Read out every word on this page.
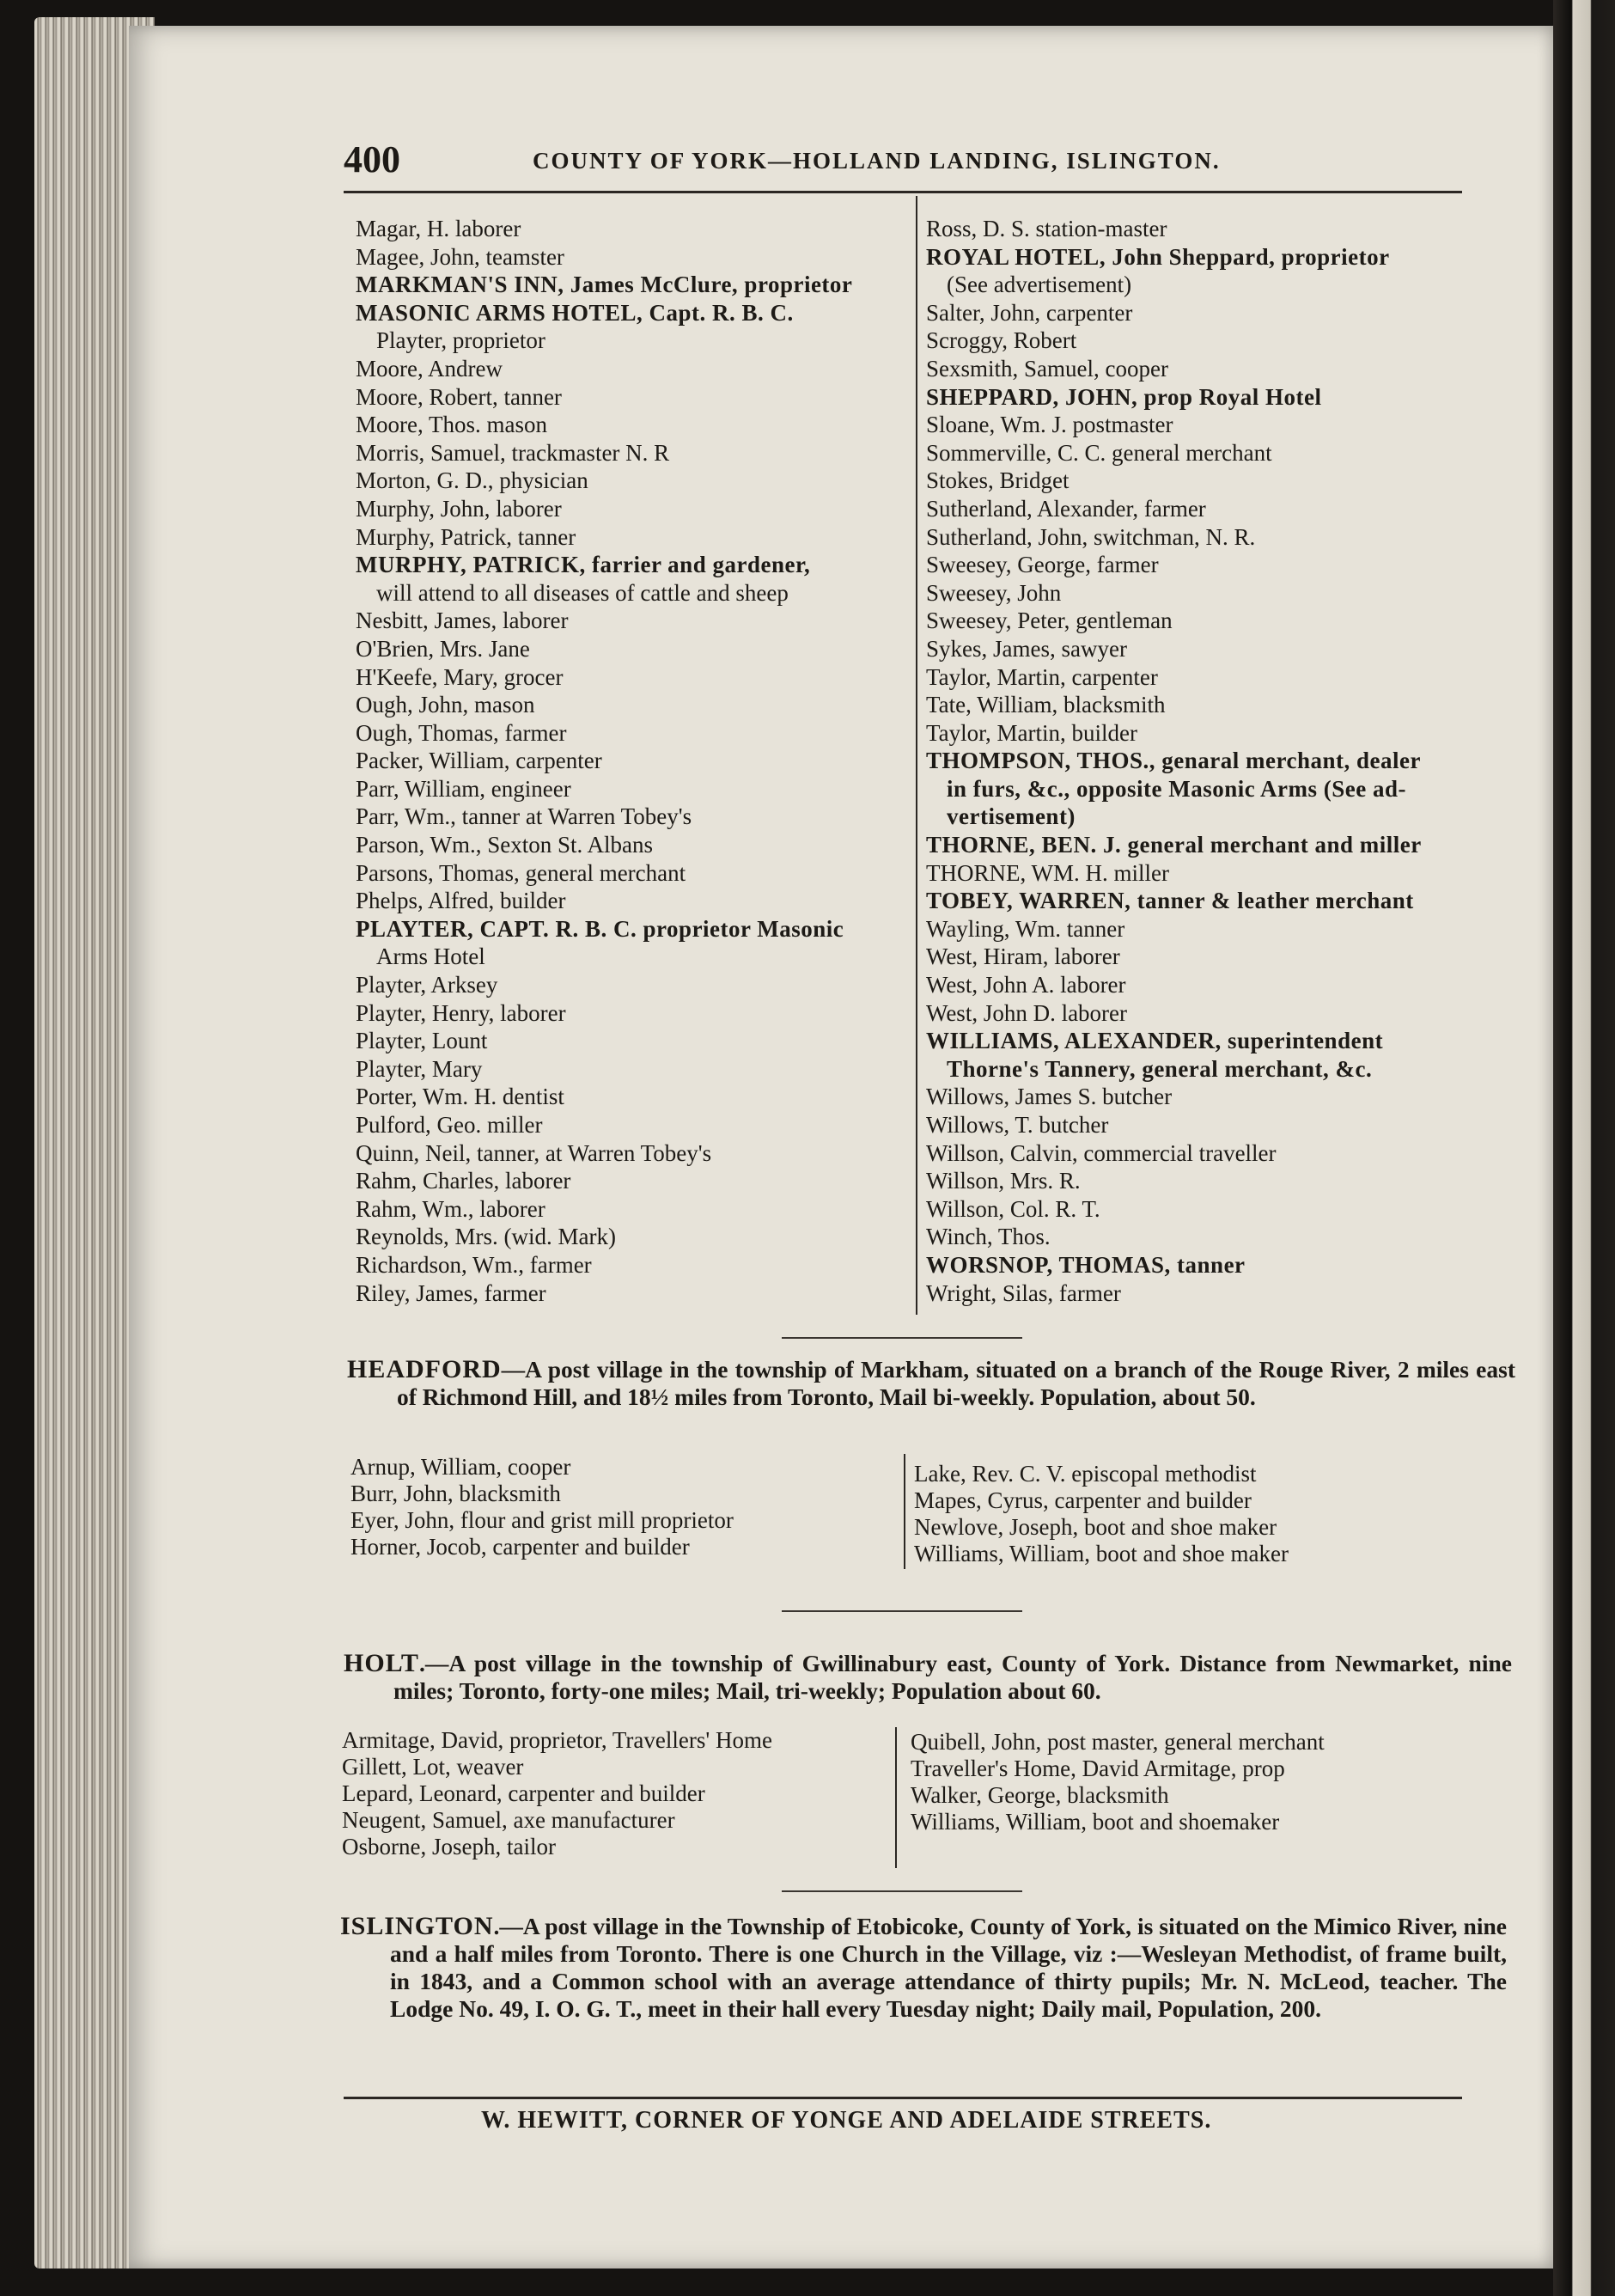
400	COUNTY OF YORK—HOLLAND LANDING, ISLINGTON.
Magar, H. laborer
Magee, John, teamster
MARKMAN'S INN, James McClure, proprietor
MASONIC ARMS HOTEL, Capt. R. B. C.
Playter, proprietor
Moore, Andrew
Moore, Robert, tanner
Moore, Thos. mason
Morris, Samuel, trackmaster N. R
Morton, G. D., physician
Murphy, John, laborer
Murphy, Patrick, tanner
MURPHY, PATRICK, farrier and gardener,
will attend to all diseases of cattle and sheep
Nesbitt, James, laborer
O'Brien, Mrs. Jane
H'Keefe, Mary, grocer
Ough, John, mason
Ough, Thomas, farmer
Packer, William, carpenter
Parr, William, engineer
Parr, Wm., tanner at Warren Tobey's
Parson, Wm., Sexton St. Albans
Parsons, Thomas, general merchant
Phelps, Alfred, builder
PLAYTER, CAPT. R. B. C. proprietor Masonic
Arms Hotel
Playter, Arksey
Playter, Henry, laborer
Playter, Lount
Playter, Mary
Porter, Wm. H. dentist
Pulford, Geo. miller
Quinn, Neil, tanner, at Warren Tobey's
Rahm, Charles, laborer
Rahm, Wm., laborer
Reynolds, Mrs. (wid. Mark)
Richardson, Wm., farmer
Riley, James, farmer
Ross, D. S. station-master
ROYAL HOTEL, John Sheppard, proprietor
(See advertisement)
Salter, John, carpenter
Scroggy, Robert
Sexsmith, Samuel, cooper
SHEPPARD, JOHN, prop Royal Hotel
Sloane, Wm. J. postmaster
Sommerville, C. C. general merchant
Stokes, Bridget
Sutherland, Alexander, farmer
Sutherland, John, switchman, N. R.
Sweesey, George, farmer
Sweesey, John
Sweesey, Peter, gentleman
Sykes, James, sawyer
Taylor, Martin, carpenter
Tate, William, blacksmith
Taylor, Martin, builder
THOMPSON, THOS., genaral merchant, dealer
in furs, &c., opposite Masonic Arms (See ad-
vertisement)
THORNE, BEN. J. general merchant and miller
THORNE, WM. H. miller
TOBEY, WARREN, tanner & leather merchant
Wayling, Wm. tanner
West, Hiram, laborer
West, John A. laborer
West, John D. laborer
WILLIAMS, ALEXANDER, superintendent
Thorne's Tannery, general merchant, &c.
Willows, James S. butcher
Willows, T. butcher
Willson, Calvin, commercial traveller
Willson, Mrs. R.
Willson, Col. R. T.
Winch, Thos.
WORSNOP, THOMAS, tanner
Wright, Silas, farmer
HEADFORD—A post village in the township of Markham, situated on a branch of the Rouge River, 2 miles east of Richmond Hill, and 18½ miles from Toronto, Mail bi-weekly. Population, about 50.
Arnup, William, cooper
Burr, John, blacksmith
Eyer, John, flour and grist mill proprietor
Horner, Jocob, carpenter and builder
Lake, Rev. C. V. episcopal methodist
Mapes, Cyrus, carpenter and builder
Newlove, Joseph, boot and shoe maker
Williams, William, boot and shoe maker
HOLT.—A post village in the township of Gwillinabury east, County of York. Distance from Newmarket, nine miles; Toronto, forty-one miles; Mail, tri-weekly; Population about 60.
Armitage, David, proprietor, Travellers' Home
Gillett, Lot, weaver
Lepard, Leonard, carpenter and builder
Neugent, Samuel, axe manufacturer
Osborne, Joseph, tailor
Quibell, John, post master, general merchant
Traveller's Home, David Armitage, prop
Walker, George, blacksmith
Williams, William, boot and shoemaker
ISLINGTON.—A post village in the Township of Etobicoke, County of York, is situated on the Mimico River, nine and a half miles from Toronto. There is one Church in the Village, viz :—Wesleyan Methodist, of frame built, in 1843, and a Common school with an average attendance of thirty pupils; Mr. N. McLeod, teacher. The Lodge No. 49, I. O. G. T., meet in their hall every Tuesday night; Daily mail, Population, 200.
W. HEWITT, CORNER OF YONGE AND ADELAIDE STREETS.
